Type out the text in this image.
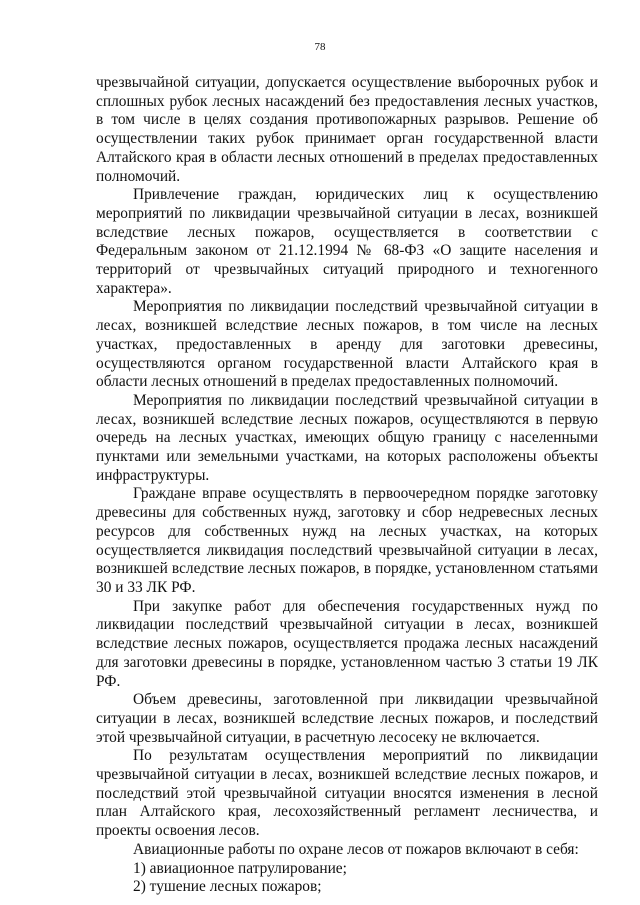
78

чрезвычайной ситуации, допускается осуществление выборочных рубок и сплошных рубок лесных насаждений без предоставления лесных участков, в том числе в целях создания противопожарных разрывов. Решение об осуществлении таких рубок принимает орган государственной власти Алтайского края в области лесных отношений в пределах предоставленных полномочий.

Привлечение граждан, юридических лиц к осуществлению мероприятий по ликвидации чрезвычайной ситуации в лесах, возникшей вследствие лесных пожаров, осуществляется в соответствии с Федеральным законом от 21.12.1994 № 68-ФЗ «О защите населения и территорий от чрезвычайных ситуаций природного и техногенного характера».

Мероприятия по ликвидации последствий чрезвычайной ситуации в лесах, возникшей вследствие лесных пожаров, в том числе на лесных участках, предоставленных в аренду для заготовки древесины, осуществляются органом государственной власти Алтайского края в области лесных отношений в пределах предоставленных полномочий.

Мероприятия по ликвидации последствий чрезвычайной ситуации в лесах, возникшей вследствие лесных пожаров, осуществляются в первую очередь на лесных участках, имеющих общую границу с населенными пунктами или земельными участками, на которых расположены объекты инфраструктуры.

Граждане вправе осуществлять в первоочередном порядке заготовку древесины для собственных нужд, заготовку и сбор недревесных лесных ресурсов для собственных нужд на лесных участках, на которых осуществляется ликвидация последствий чрезвычайной ситуации в лесах, возникшей вследствие лесных пожаров, в порядке, установленном статьями 30 и 33 ЛК РФ.

При закупке работ для обеспечения государственных нужд по ликвидации последствий чрезвычайной ситуации в лесах, возникшей вследствие лесных пожаров, осуществляется продажа лесных насаждений для заготовки древесины в порядке, установленном частью 3 статьи 19 ЛК РФ.

Объем древесины, заготовленной при ликвидации чрезвычайной ситуации в лесах, возникшей вследствие лесных пожаров, и последствий этой чрезвычайной ситуации, в расчетную лесосеку не включается.

По результатам осуществления мероприятий по ликвидации чрезвычайной ситуации в лесах, возникшей вследствие лесных пожаров, и последствий этой чрезвычайной ситуации вносятся изменения в лесной план Алтайского края, лесохозяйственный регламент лесничества, и проекты освоения лесов.

Авиационные работы по охране лесов от пожаров включают в себя:

1) авиационное патрулирование;

2) тушение лесных пожаров;
